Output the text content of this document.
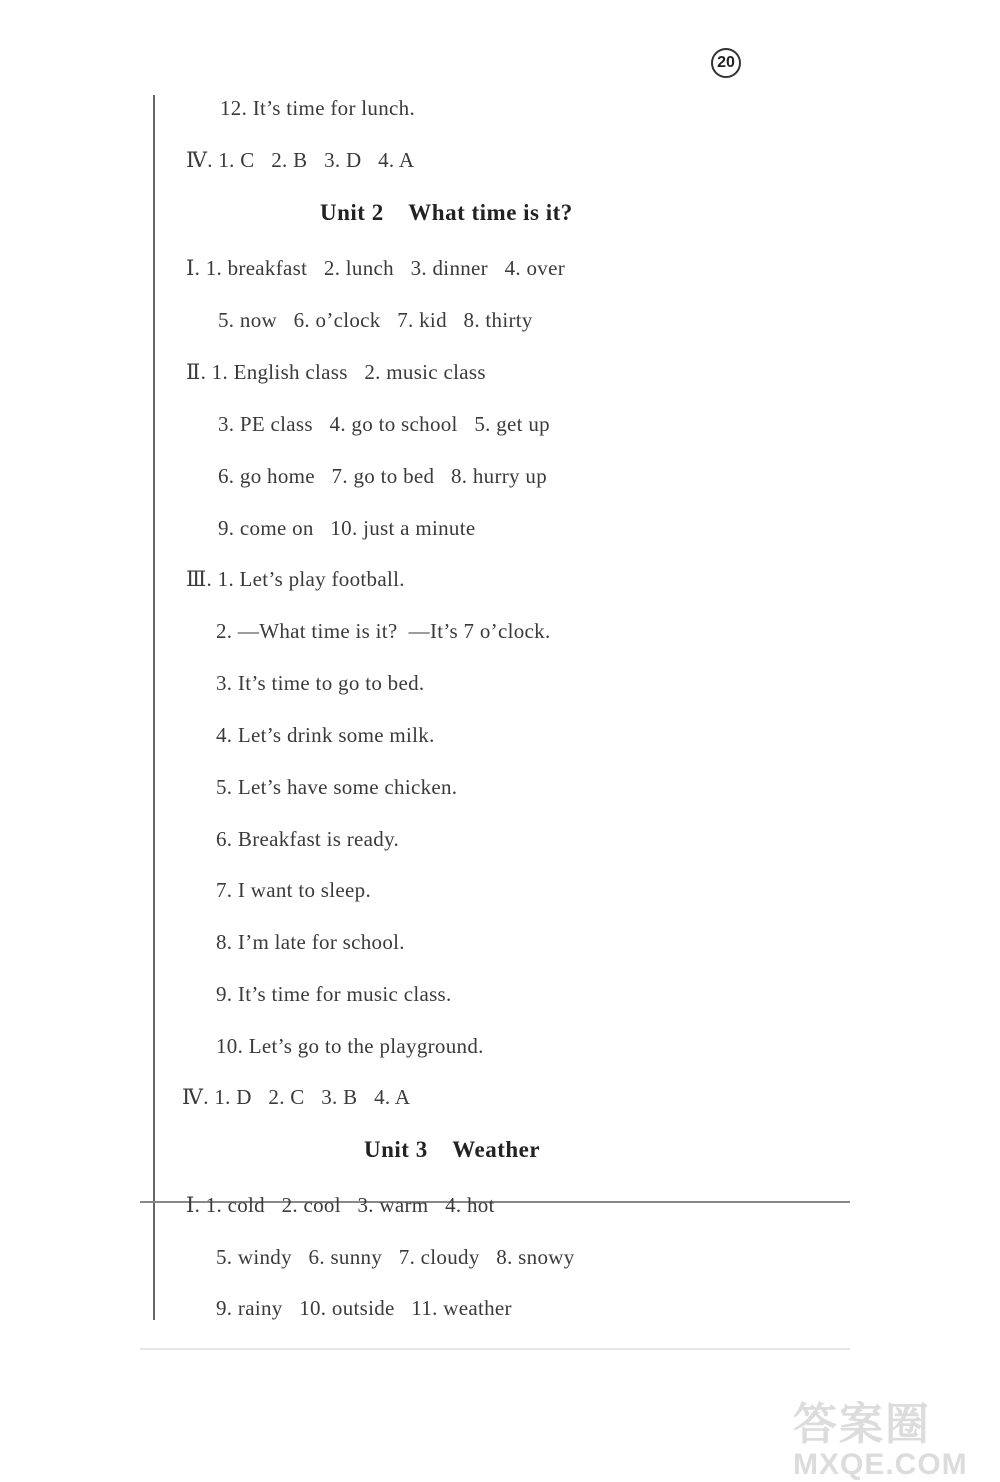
20
12. It’s time for lunch.
Ⅳ. 1. C   2. B   3. D   4. A
Unit 2    What time is it?
Ⅰ. 1. breakfast   2. lunch   3. dinner   4. over
5. now   6. o’clock   7. kid   8. thirty
Ⅱ. 1. English class   2. music class
3. PE class   4. go to school   5. get up
6. go home   7. go to bed   8. hurry up
9. come on   10. just a minute
Ⅲ. 1. Let’s play football.
2. —What time is it?  —It’s 7 o’clock.
3. It’s time to go to bed.
4. Let’s drink some milk.
5. Let’s have some chicken.
6. Breakfast is ready.
7. I want to sleep.
8. I’m late for school.
9. It’s time for music class.
10. Let’s go to the playground.
Ⅳ. 1. D   2. C   3. B   4. A
Unit 3    Weather
Ⅰ. 1. cold   2. cool   3. warm   4. hot
5. windy   6. sunny   7. cloudy   8. snowy
9. rainy   10. outside   11. weather
答案圈
MXQE.COM
